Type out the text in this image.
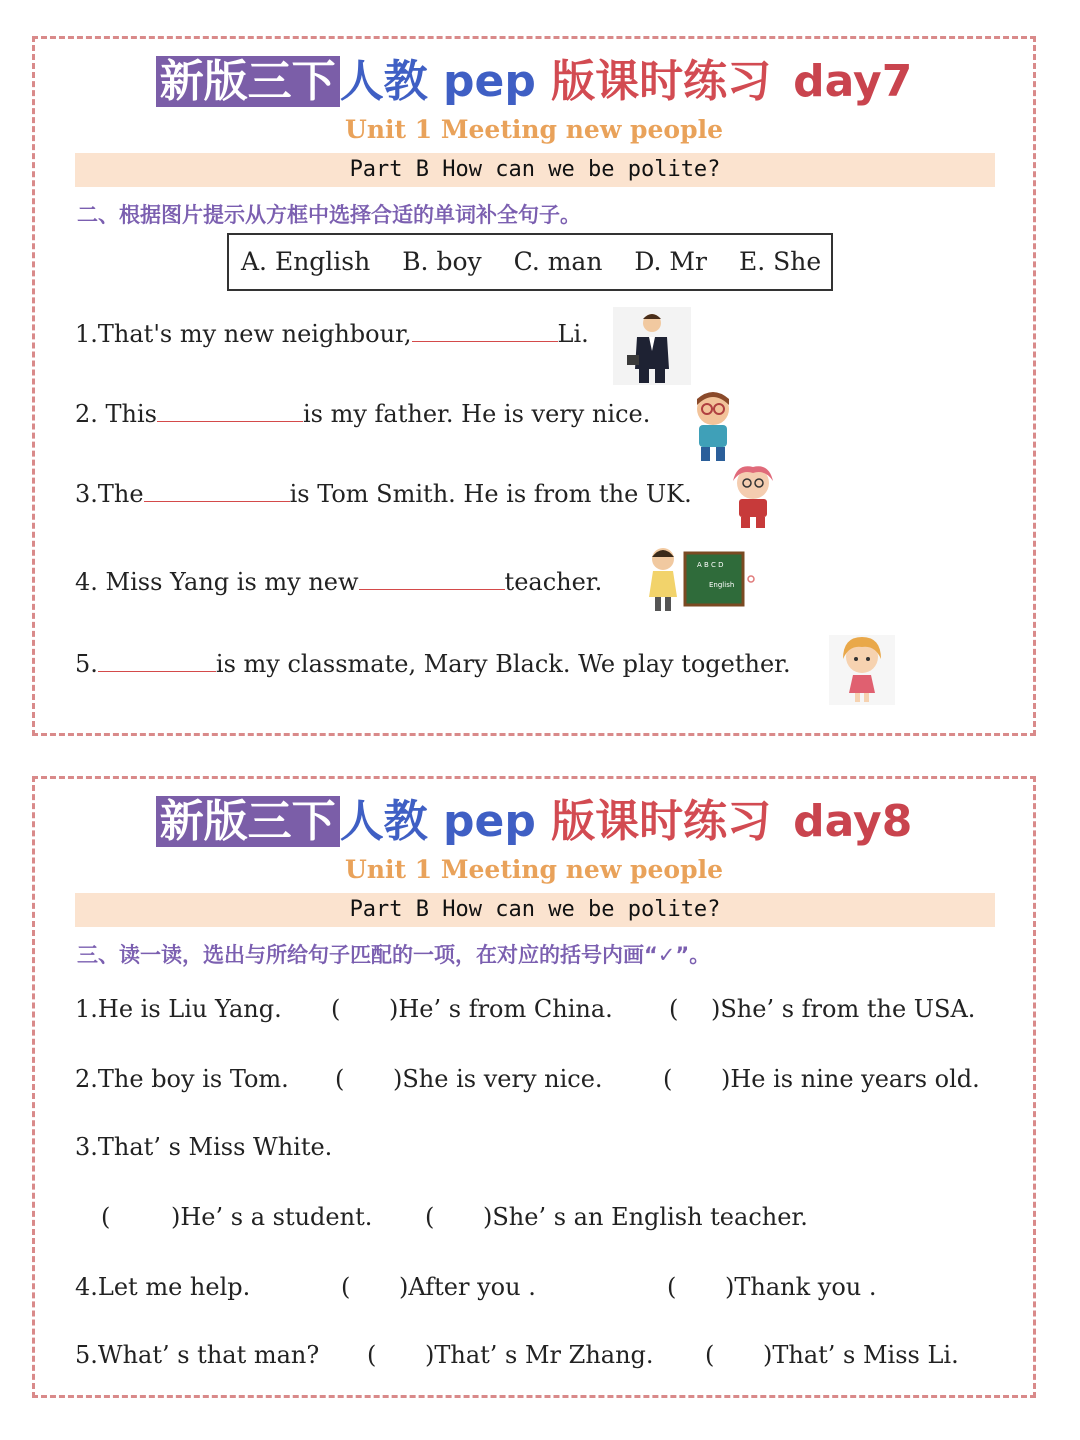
新版三下人教 pep 版课时练习 day7
Unit 1 Meeting new people
Part B How can we be polite?
二、根据图片提示从方框中选择合适的单词补全句子。
A. English B. boy C. man D. Mr E. She
1.That's my new neighbour,	Li.
2. This	is my father. He is very nice.
3.The	is Tom Smith. He is from the UK.
4. Miss Yang is my new	teacher.
A B C D
English
5.	is my classmate, Mary Black. We play together.
新版三下人教 pep 版课时练习 day8
Unit 1 Meeting new people
Part B How can we be polite?
三、读一读，选出与所给句子匹配的一项，在对应的括号内画“✓”。
1.He is Liu Yang. ( )He’ s from China. ( )She’ s from the USA.
2.The boy is Tom. ( )She is very nice.	( )He is nine years old.
3.That’ s Miss White.
(	)He’ s a student. ( )She’ s an English teacher.
4.Let me help.	( )After you .	( )Thank you .
5.What’ s that man? ( )That’ s Mr Zhang. ( )That’ s Miss Li.
